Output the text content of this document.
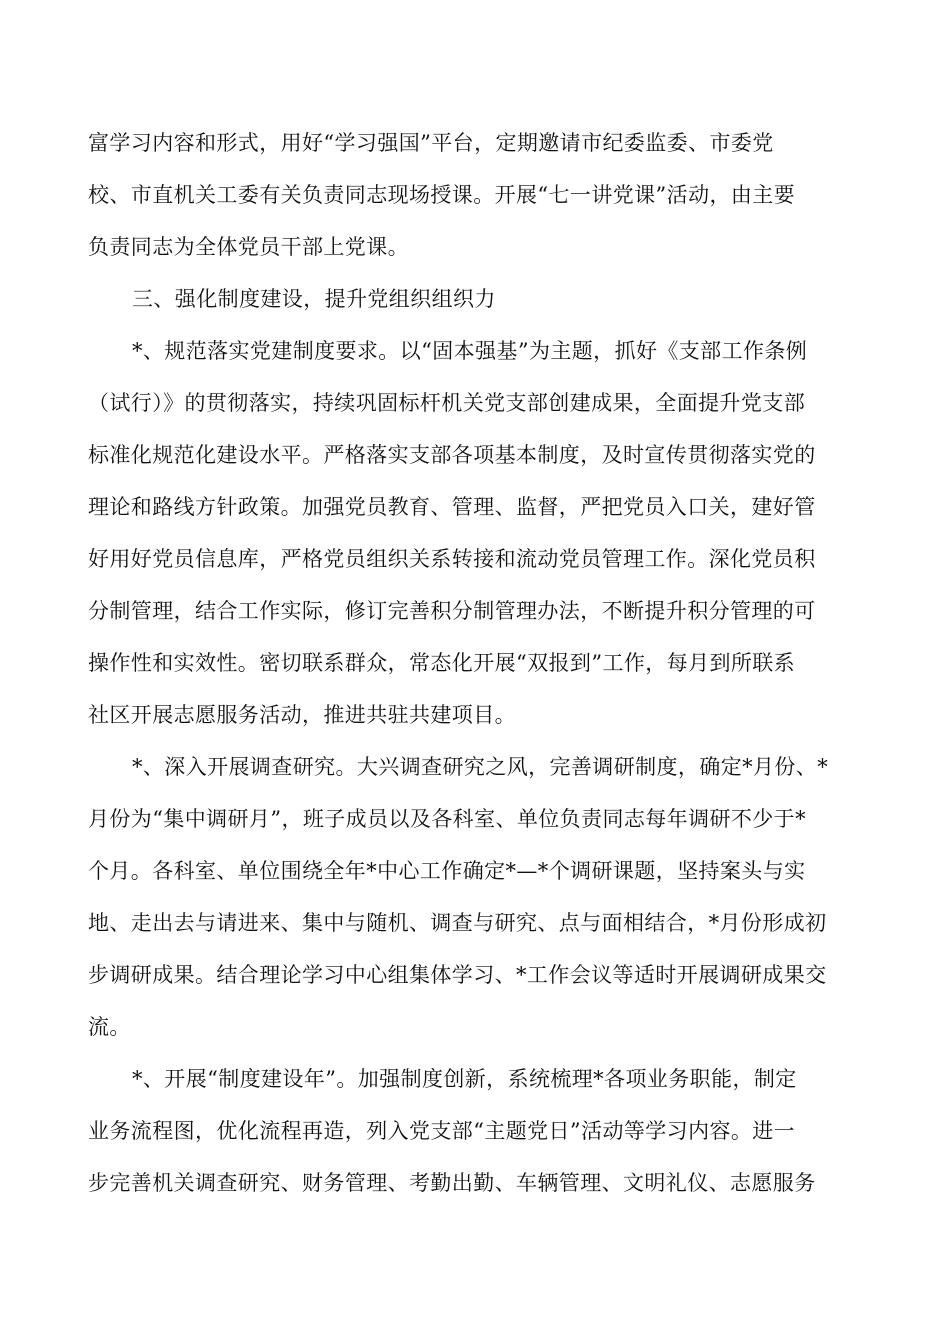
富学习内容和形式，用好“学习强国”平台，定期邀请市纪委监委、市委党

校、市直机关工委有关负责同志现场授课。开展“七一讲党课”活动，由主要

负责同志为全体党员干部上党课。

三、强化制度建设，提升党组织组织力

*、规范落实党建制度要求。以“固本强基”为主题，抓好《支部工作条例

（试行）》的贯彻落实，持续巩固标杆机关党支部创建成果，全面提升党支部

标准化规范化建设水平。严格落实支部各项基本制度，及时宣传贯彻落实党的

理论和路线方针政策。加强党员教育、管理、监督，严把党员入口关，建好管

好用好党员信息库，严格党员组织关系转接和流动党员管理工作。深化党员积

分制管理，结合工作实际，修订完善积分制管理办法，不断提升积分管理的可

操作性和实效性。密切联系群众，常态化开展“双报到”工作，每月到所联系

社区开展志愿服务活动，推进共驻共建项目。

*、深入开展调查研究。大兴调查研究之风，完善调研制度，确定*月份、*

月份为“集中调研月”，班子成员以及各科室、单位负责同志每年调研不少于*

个月。各科室、单位围绕全年*中心工作确定*—*个调研课题，坚持案头与实

地、走出去与请进来、集中与随机、调查与研究、点与面相结合，*月份形成初

步调研成果。结合理论学习中心组集体学习、*工作会议等适时开展调研成果交

流。

*、开展“制度建设年”。加强制度创新，系统梳理*各项业务职能，制定

业务流程图，优化流程再造，列入党支部“主题党日”活动等学习内容。进一

步完善机关调查研究、财务管理、考勤出勤、车辆管理、文明礼仪、志愿服务
